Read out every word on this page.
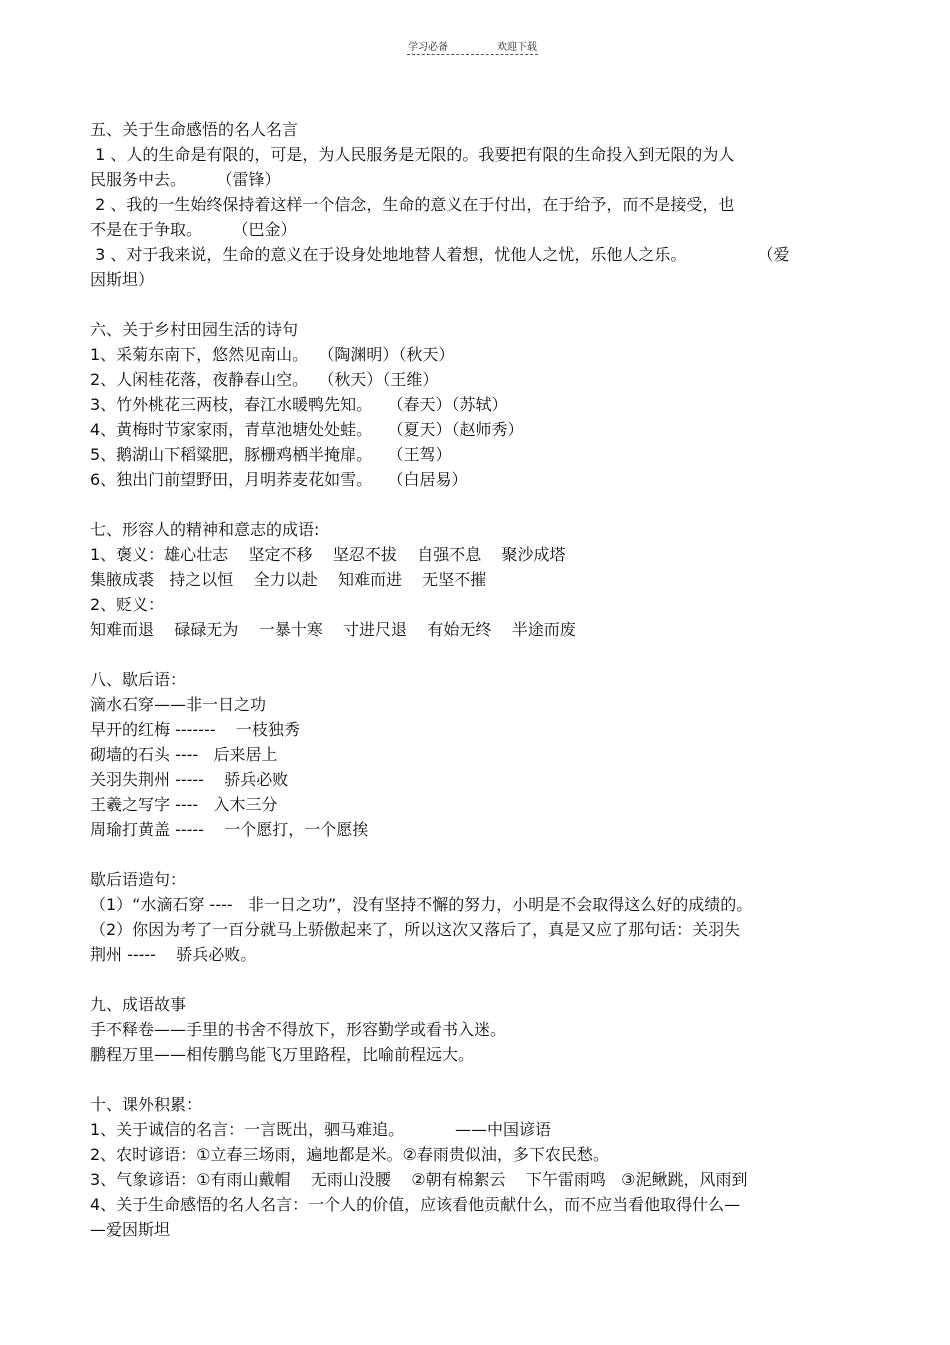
学习必备	欢迎下载
五、关于生命感悟的名人名言
1 、人的生命是有限的，可是，为人民服务是无限的。我要把有限的生命投入到无限的为人
民服务中去。      （雷锋）
2 、我的一生始终保持着这样一个信念，生命的意义在于付出，在于给予，而不是接受，也
不是在于争取。      （巴金）
3 、对于我来说，生命的意义在于设身处地地替人着想，忧他人之忧，乐他人之乐。              （爱
因斯坦）
六、关于乡村田园生活的诗句
1、采菊东南下，悠然见南山。  （陶渊明）（秋天）
2、人闲桂花落，夜静春山空。  （秋天）（王维）
3、竹外桃花三两枝，春江水暖鸭先知。   （春天）（苏轼）
4、黄梅时节家家雨，青草池塘处处蛙。   （夏天）（赵师秀）
5、鹅湖山下稻粱肥，豚栅鸡栖半掩扉。   （王驾）
6、独出门前望野田，月明荞麦花如雪。   （白居易）
七、形容人的精神和意志的成语:
1、褒义：雄心壮志    坚定不移    坚忍不拔    自强不息    聚沙成塔
集腋成裘   持之以恒    全力以赴    知难而进    无坚不摧
2、贬义：
知难而退    碌碌无为    一暴十寒    寸进尺退    有始无终    半途而废
八、歇后语：
滴水石穿——非一日之功
早开的红梅 -------    一枝独秀
砌墙的石头 ----   后来居上
关羽失荆州 -----    骄兵必败
王羲之写字 ----   入木三分
周瑜打黄盖 -----    一个愿打，一个愿挨
歇后语造句：
（1）“水滴石穿 ----   非一日之功”，没有坚持不懈的努力，小明是不会取得这么好的成绩的。
（2）你因为考了一百分就马上骄傲起来了，所以这次又落后了，真是又应了那句话：关羽失
荆州 -----    骄兵必败。
九、成语故事
手不释卷——手里的书舍不得放下，形容勤学或看书入迷。
鹏程万里——相传鹏鸟能飞万里路程，比喻前程远大。
十、课外积累：
1、关于诚信的名言：一言既出，驷马难追。          ——中国谚语
2、农时谚语：①立春三场雨，遍地都是米。②春雨贵似油，多下农民愁。
3、气象谚语：①有雨山戴帽    无雨山没腰    ②朝有棉絮云    下午雷雨鸣   ③泥鳅跳，风雨到
4、关于生命感悟的名人名言：一个人的价值，应该看他贡献什么，而不应当看他取得什么—
—爱因斯坦
